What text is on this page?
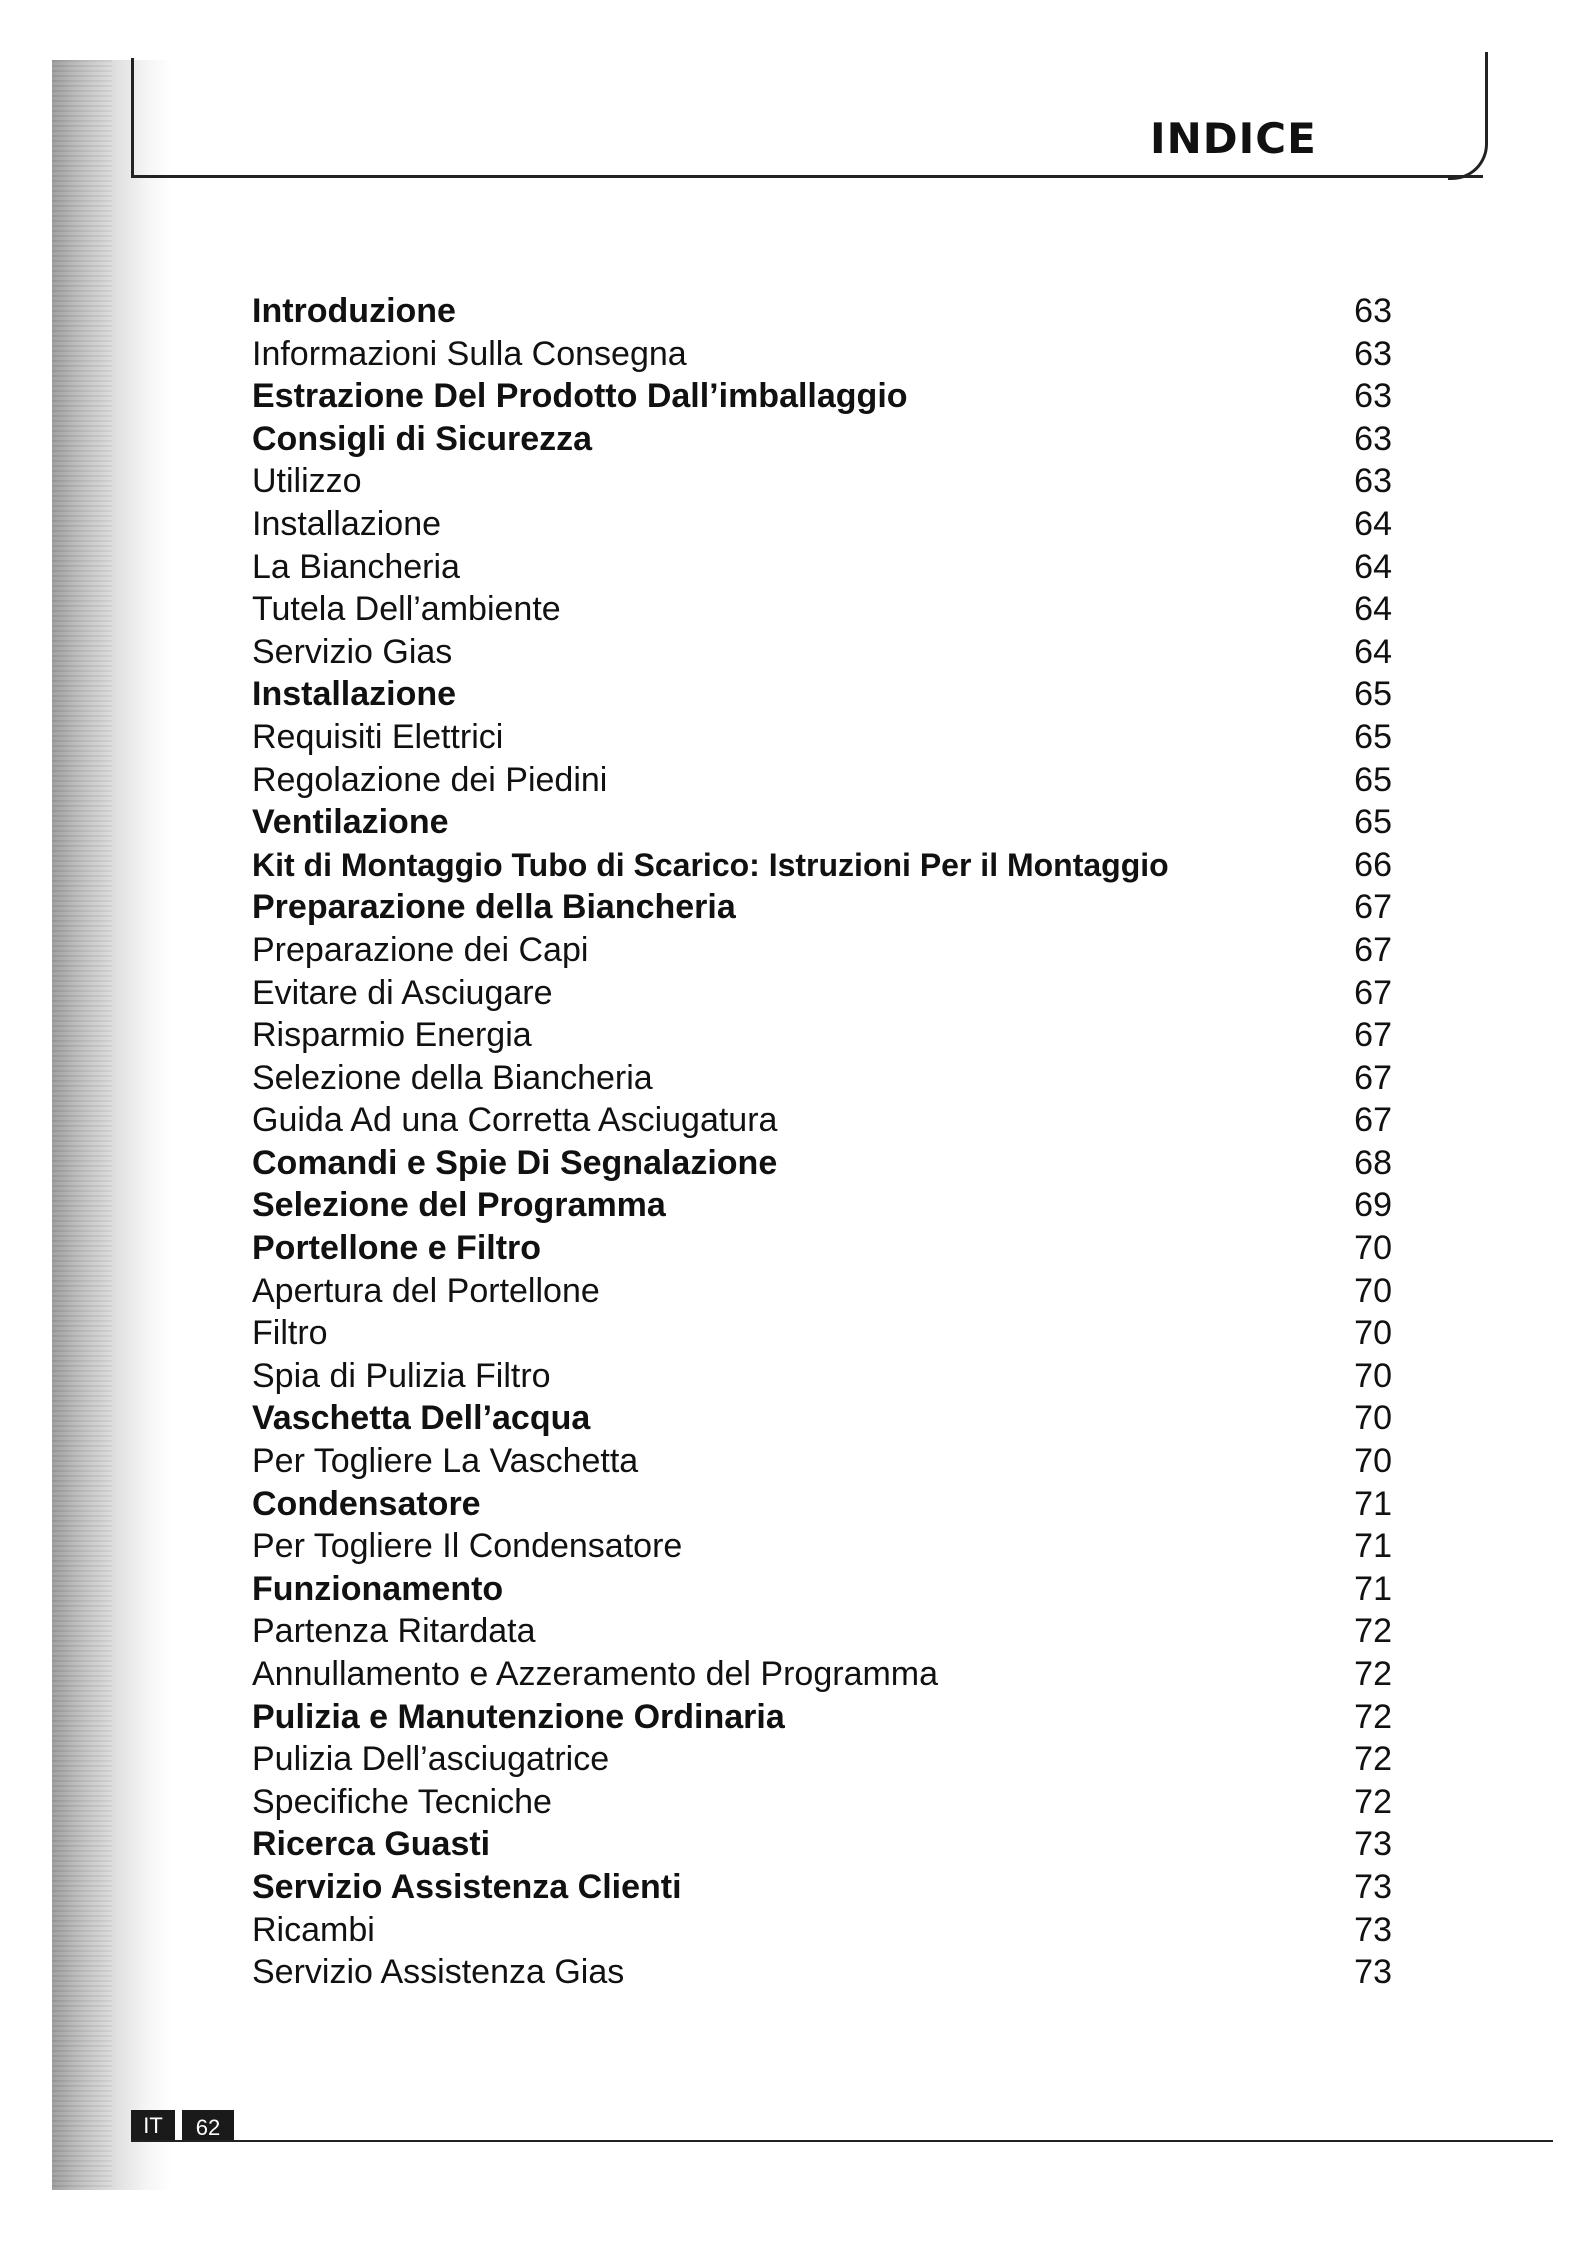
INDICE
Introduzione	63
Informazioni Sulla Consegna	63
Estrazione Del Prodotto Dall’imballaggio	63
Consigli di Sicurezza	63
Utilizzo	63
Installazione	64
La Biancheria	64
Tutela Dell’ambiente	64
Servizio Gias	64
Installazione	65
Requisiti Elettrici	65
Regolazione dei Piedini	65
Ventilazione	65
Kit di Montaggio Tubo di Scarico: Istruzioni Per il Montaggio	66
Preparazione della Biancheria	67
Preparazione dei Capi	67
Evitare di Asciugare	67
Risparmio Energia	67
Selezione della Biancheria	67
Guida Ad una Corretta Asciugatura	67
Comandi e Spie Di Segnalazione	68
Selezione del Programma	69
Portellone e Filtro	70
Apertura del Portellone	70
Filtro	70
Spia di Pulizia Filtro	70
Vaschetta Dell’acqua	70
Per Togliere La Vaschetta	70
Condensatore	71
Per Togliere Il Condensatore	71
Funzionamento	71
Partenza Ritardata	72
Annullamento e Azzeramento del Programma	72
Pulizia e Manutenzione Ordinaria	72
Pulizia Dell’asciugatrice	72
Specifiche Tecniche	72
Ricerca Guasti	73
Servizio Assistenza Clienti	73
Ricambi	73
Servizio Assistenza Gias	73
IT	62
